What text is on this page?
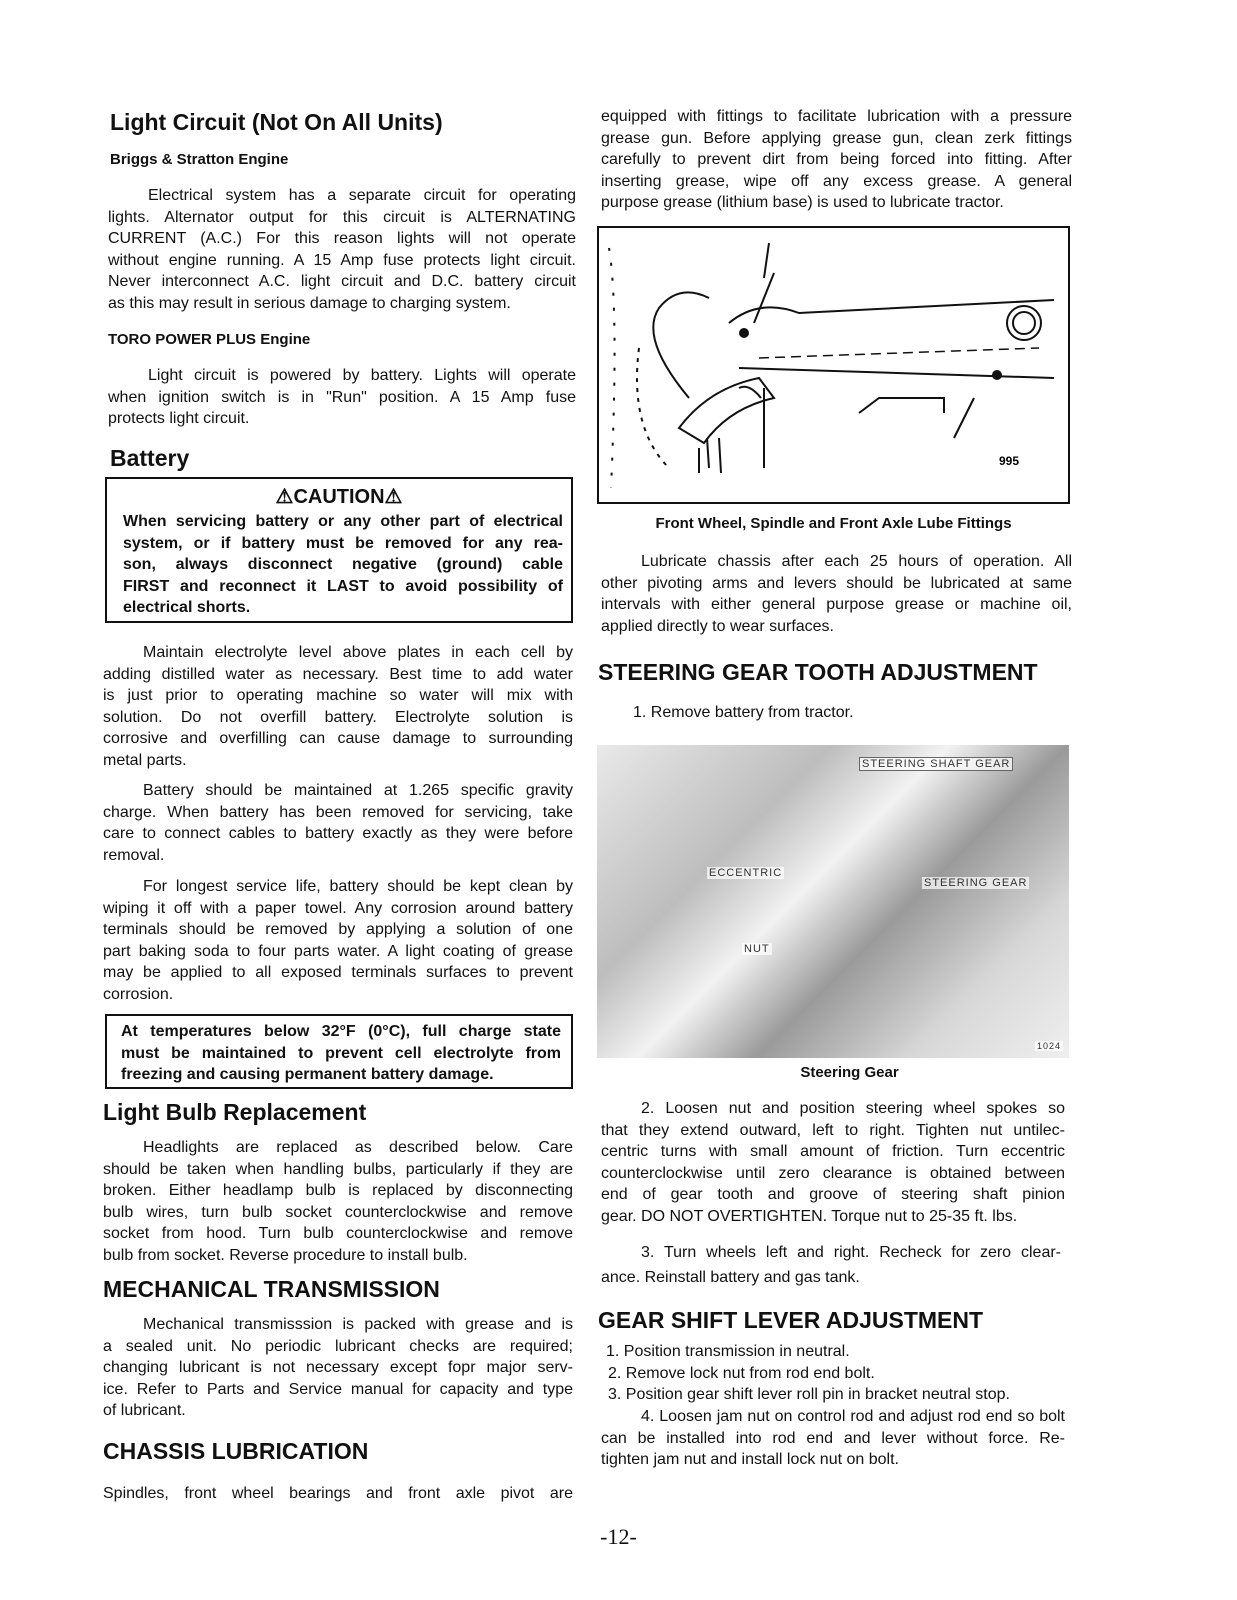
Light Circuit (Not On All Units)
Briggs & Stratton Engine
Electrical system has a separate circuit for operating
lights. Alternator output for this circuit is ALTERNATING
CURRENT (A.C.) For this reason lights will not operate
without engine running. A 15 Amp fuse protects light circuit.
Never interconnect A.C. light circuit and D.C. battery circuit
as this may result in serious damage to charging system.
TORO POWER PLUS Engine
Light circuit is powered by battery. Lights will operate
when ignition switch is in "Run" position. A 15 Amp fuse
protects light circuit.
Battery
⚠CAUTION⚠
When servicing battery or any other part of electrical
system, or if battery must be removed for any rea-
son, always disconnect negative (ground) cable
FIRST and reconnect it LAST to avoid possibility of
electrical shorts.
Maintain electrolyte level above plates in each cell by
adding distilled water as necessary. Best time to add water
is just prior to operating machine so water will mix with
solution. Do not overfill battery. Electrolyte solution is
corrosive and overfilling can cause damage to surrounding
metal parts.
Battery should be maintained at 1.265 specific gravity
charge. When battery has been removed for servicing, take
care to connect cables to battery exactly as they were before
removal.
For longest service life, battery should be kept clean by
wiping it off with a paper towel. Any corrosion around battery
terminals should be removed by applying a solution of one
part baking soda to four parts water. A light coating of grease
may be applied to all exposed terminals surfaces to prevent
corrosion.
At temperatures below 32°F (0°C), full charge state
must be maintained to prevent cell electrolyte from
freezing and causing permanent battery damage.
Light Bulb Replacement
Headlights are replaced as described below. Care
should be taken when handling bulbs, particularly if they are
broken. Either headlamp bulb is replaced by disconnecting
bulb wires, turn bulb socket counterclockwise and remove
socket from hood. Turn bulb counterclockwise and remove
bulb from socket. Reverse procedure to install bulb.
MECHANICAL TRANSMISSION
Mechanical transmisssion is packed with grease and is
a sealed unit. No periodic lubricant checks are required;
changing lubricant is not necessary except fopr major serv-
ice. Refer to Parts and Service manual for capacity and type
of lubricant.
CHASSIS LUBRICATION
Spindles, front wheel bearings and front axle pivot are
equipped with fittings to facilitate lubrication with a pressure
grease gun. Before applying grease gun, clean zerk fittings
carefully to prevent dirt from being forced into fitting. After
inserting grease, wipe off any excess grease. A general
purpose grease (lithium base) is used to lubricate tractor.
995
Front Wheel, Spindle and Front Axle Lube Fittings
Lubricate chassis after each 25 hours of operation. All
other pivoting arms and levers should be lubricated at same
intervals with either general purpose grease or machine oil,
applied directly to wear surfaces.
STEERING GEAR TOOTH ADJUSTMENT
1. Remove battery from tractor.
STEERING SHAFT GEAR
ECCENTRIC
STEERING GEAR
NUT
1024
Steering Gear
2. Loosen nut and position steering wheel spokes so
that they extend outward, left to right. Tighten nut untilec-
centric turns with small amount of friction. Turn eccentric
counterclockwise until zero clearance is obtained between
end of gear tooth and groove of steering shaft pinion
gear. DO NOT OVERTIGHTEN. Torque nut to 25-35 ft. lbs.
3. Turn wheels left and right. Recheck for zero clear-
ance. Reinstall battery and gas tank.
GEAR SHIFT LEVER ADJUSTMENT
1. Position transmission in neutral.
2. Remove lock nut from rod end bolt.
3. Position gear shift lever roll pin in bracket neutral stop.
4. Loosen jam nut on control rod and adjust rod end so bolt
can be installed into rod end and lever without force. Re-
tighten jam nut and install lock nut on bolt.
-12-
